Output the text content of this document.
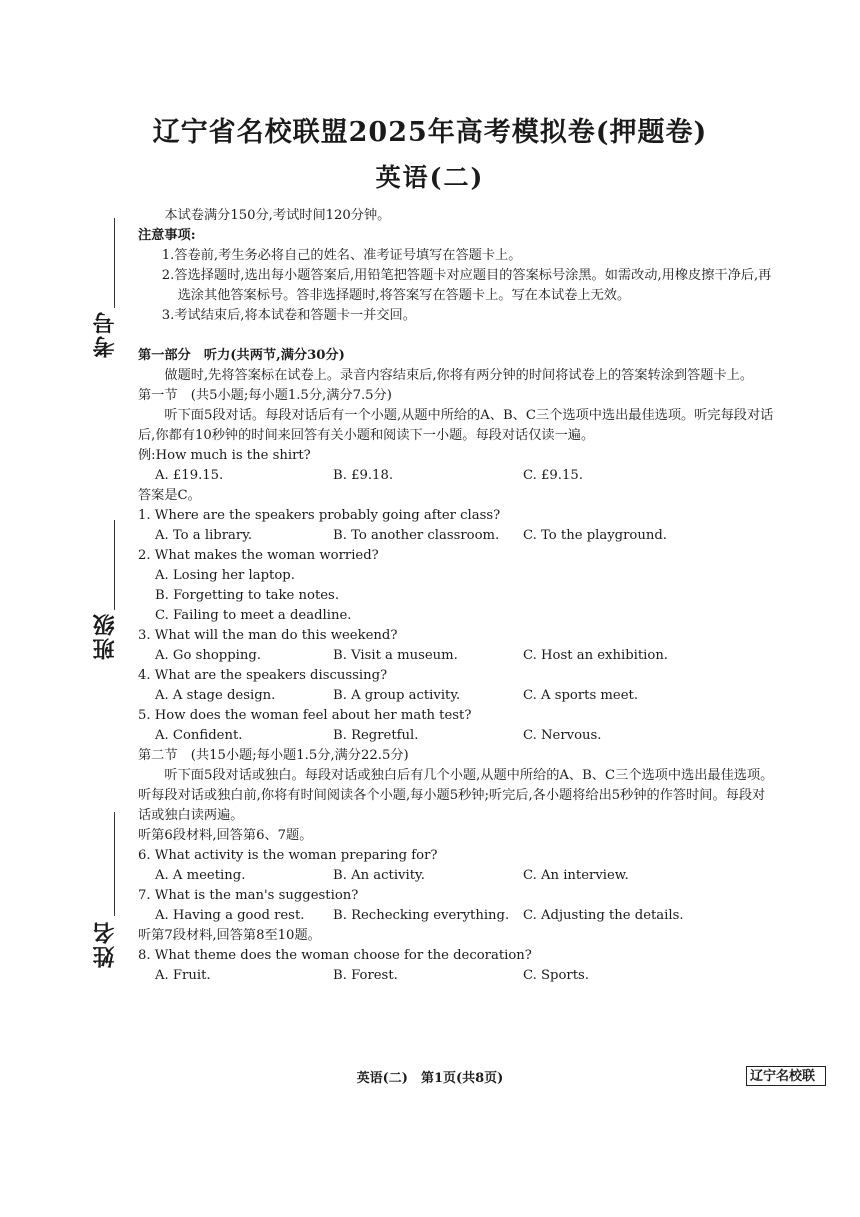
辽宁省名校联盟2025年高考模拟卷(押题卷)
英语(二)
考号
班级
姓名

本试卷满分150分,考试时间120分钟。

注意事项:

1.答卷前,考生务必将自己的姓名、准考证号填写在答题卡上。

2.答选择题时,选出每小题答案后,用铅笔把答题卡对应题目的答案标号涂黑。如需改动,用橡皮擦干净后,再选涂其他答案标号。答非选择题时,将答案写在答题卡上。写在本试卷上无效。

3.考试结束后,将本试卷和答题卡一并交回。

第一部分　听力(共两节,满分30分)

做题时,先将答案标在试卷上。录音内容结束后,你将有两分钟的时间将试卷上的答案转涂到答题卡上。

第一节　(共5小题;每小题1.5分,满分7.5分)

听下面5段对话。每段对话后有一个小题,从题中所给的A、B、C三个选项中选出最佳选项。听完每段对话后,你都有10秒钟的时间来回答有关小题和阅读下一小题。每段对话仅读一遍。

例:How much is the shirt?

A. £19.15.	B. £9.18.	C. £9.15.

答案是C。

1. Where are the speakers probably going after class?

A. To a library.	B. To another classroom.	C. To the playground.

2. What makes the woman worried?

A. Losing her laptop.

B. Forgetting to take notes.

C. Failing to meet a deadline.

3. What will the man do this weekend?

A. Go shopping.	B. Visit a museum.	C. Host an exhibition.

4. What are the speakers discussing?

A. A stage design.	B. A group activity.	C. A sports meet.

5. How does the woman feel about her math test?

A. Confident.	B. Regretful.	C. Nervous.

第二节　(共15小题;每小题1.5分,满分22.5分)

听下面5段对话或独白。每段对话或独白后有几个小题,从题中所给的A、B、C三个选项中选出最佳选项。听每段对话或独白前,你将有时间阅读各个小题,每小题5秒钟;听完后,各小题将给出5秒钟的作答时间。每段对话或独白读两遍。

听第6段材料,回答第6、7题。

6. What activity is the woman preparing for?

A. A meeting.	B. An activity.	C. An interview.

7. What is the man's suggestion?

A. Having a good rest.	B. Rechecking everything.	C. Adjusting the details.

听第7段材料,回答第8至10题。

8. What theme does the woman choose for the decoration?

A. Fruit.	B. Forest.	C. Sports.
英语(二)　第1页(共8页)	辽宁名校联
